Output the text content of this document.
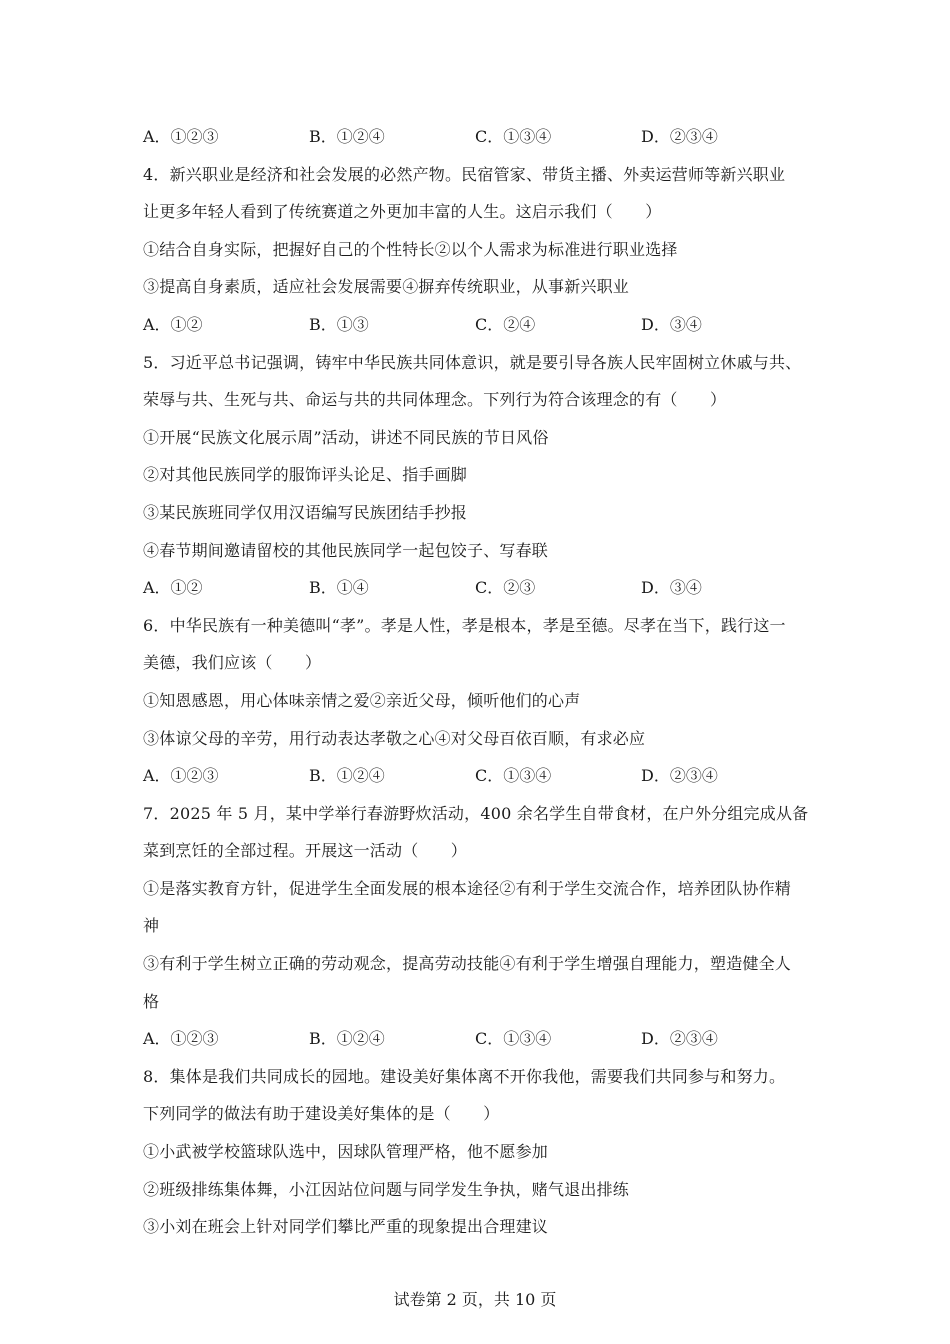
A．①②③	B．①②④	C．①③④	D．②③④
4．新兴职业是经济和社会发展的必然产物。民宿管家、带货主播、外卖运营师等新兴职业
让更多年轻人看到了传统赛道之外更加丰富的人生。这启示我们（　　）
①结合自身实际，把握好自己的个性特长②以个人需求为标准进行职业选择
③提高自身素质，适应社会发展需要④摒弃传统职业，从事新兴职业
A．①②	B．①③	C．②④	D．③④
5．习近平总书记强调，铸牢中华民族共同体意识，就是要引导各族人民牢固树立休戚与共、
荣辱与共、生死与共、命运与共的共同体理念。下列行为符合该理念的有（　　）
①开展“民族文化展示周”活动，讲述不同民族的节日风俗
②对其他民族同学的服饰评头论足、指手画脚
③某民族班同学仅用汉语编写民族团结手抄报
④春节期间邀请留校的其他民族同学一起包饺子、写春联
A．①②	B．①④	C．②③	D．③④
6．中华民族有一种美德叫“孝”。孝是人性，孝是根本，孝是至德。尽孝在当下，践行这一
美德，我们应该（　　）
①知恩感恩，用心体味亲情之爱②亲近父母，倾听他们的心声
③体谅父母的辛劳，用行动表达孝敬之心④对父母百依百顺，有求必应
A．①②③	B．①②④	C．①③④	D．②③④
7．2025 年 5 月，某中学举行春游野炊活动，400 余名学生自带食材，在户外分组完成从备
菜到烹饪的全部过程。开展这一活动（　　）
①是落实教育方针，促进学生全面发展的根本途径②有利于学生交流合作，培养团队协作精
神
③有利于学生树立正确的劳动观念，提高劳动技能④有利于学生增强自理能力，塑造健全人
格
A．①②③	B．①②④	C．①③④	D．②③④
8．集体是我们共同成长的园地。建设美好集体离不开你我他，需要我们共同参与和努力。
下列同学的做法有助于建设美好集体的是（　　）
①小武被学校篮球队选中，因球队管理严格，他不愿参加
②班级排练集体舞，小江因站位问题与同学发生争执，赌气退出排练
③小刘在班会上针对同学们攀比严重的现象提出合理建议
试卷第 2 页，共 10 页
